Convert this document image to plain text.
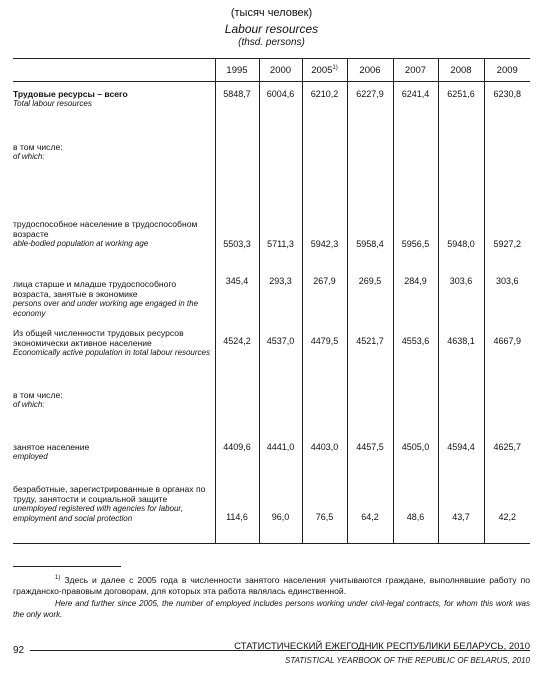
(тысяч человек)
Labour resources
(thsd. persons)
	1995	2000	2005$^{1)}$	2006	2007	2008	2009

Трудовые ресурсы – всего
Total labour resources	5848,7	6004,6	6210,2	6227,9	6241,4	6251,6	6230,8

в том числе:
of which:							

трудоспособное население в трудоспособном возрасте
able-bodied population at working age	5503,3	5711,3	5942,3	5958,4	5956,5	5948,0	5927,2

лица старше и младше трудоспособного возраста, занятые в экономике
persons over and under working age engaged in the economy	345,4	293,3	267,9	269,5	284,9	303,6	303,6

Из общей численности трудовых ресурсов экономически активное население
Economically active population in total labour resources	4524,2	4537,0	4479,5	4521,7	4553,6	4638,1	4667,9

в том числе:
of which:							

занятое население
employed	4409,6	4441,0	4403,0	4457,5	4505,0	4594,4	4625,7

безработные, зарегистрированные в органах по труду, занятости и социальной защите
unemployed registered with agencies for labour, employment and social protection	114,6	96,0	76,5	64,2	48,6	43,7	42,2
$^{1)}$ Здесь и далее с 2005 года в численности занятого населения учитываются граждане, выполнявшие работу по гражданско-правовым договорам, для которых эта работа являлась единственной.
Here and further since 2005, the number of employed includes persons working under civil-legal contracts, for whom this work was the only work.
92	СТАТИСТИЧЕСКИЙ ЕЖЕГОДНИК РЕСПУБЛИКИ БЕЛАРУСЬ, 2010
STATISTICAL YEARBOOK OF THE REPUBLIC OF BELARUS, 2010
